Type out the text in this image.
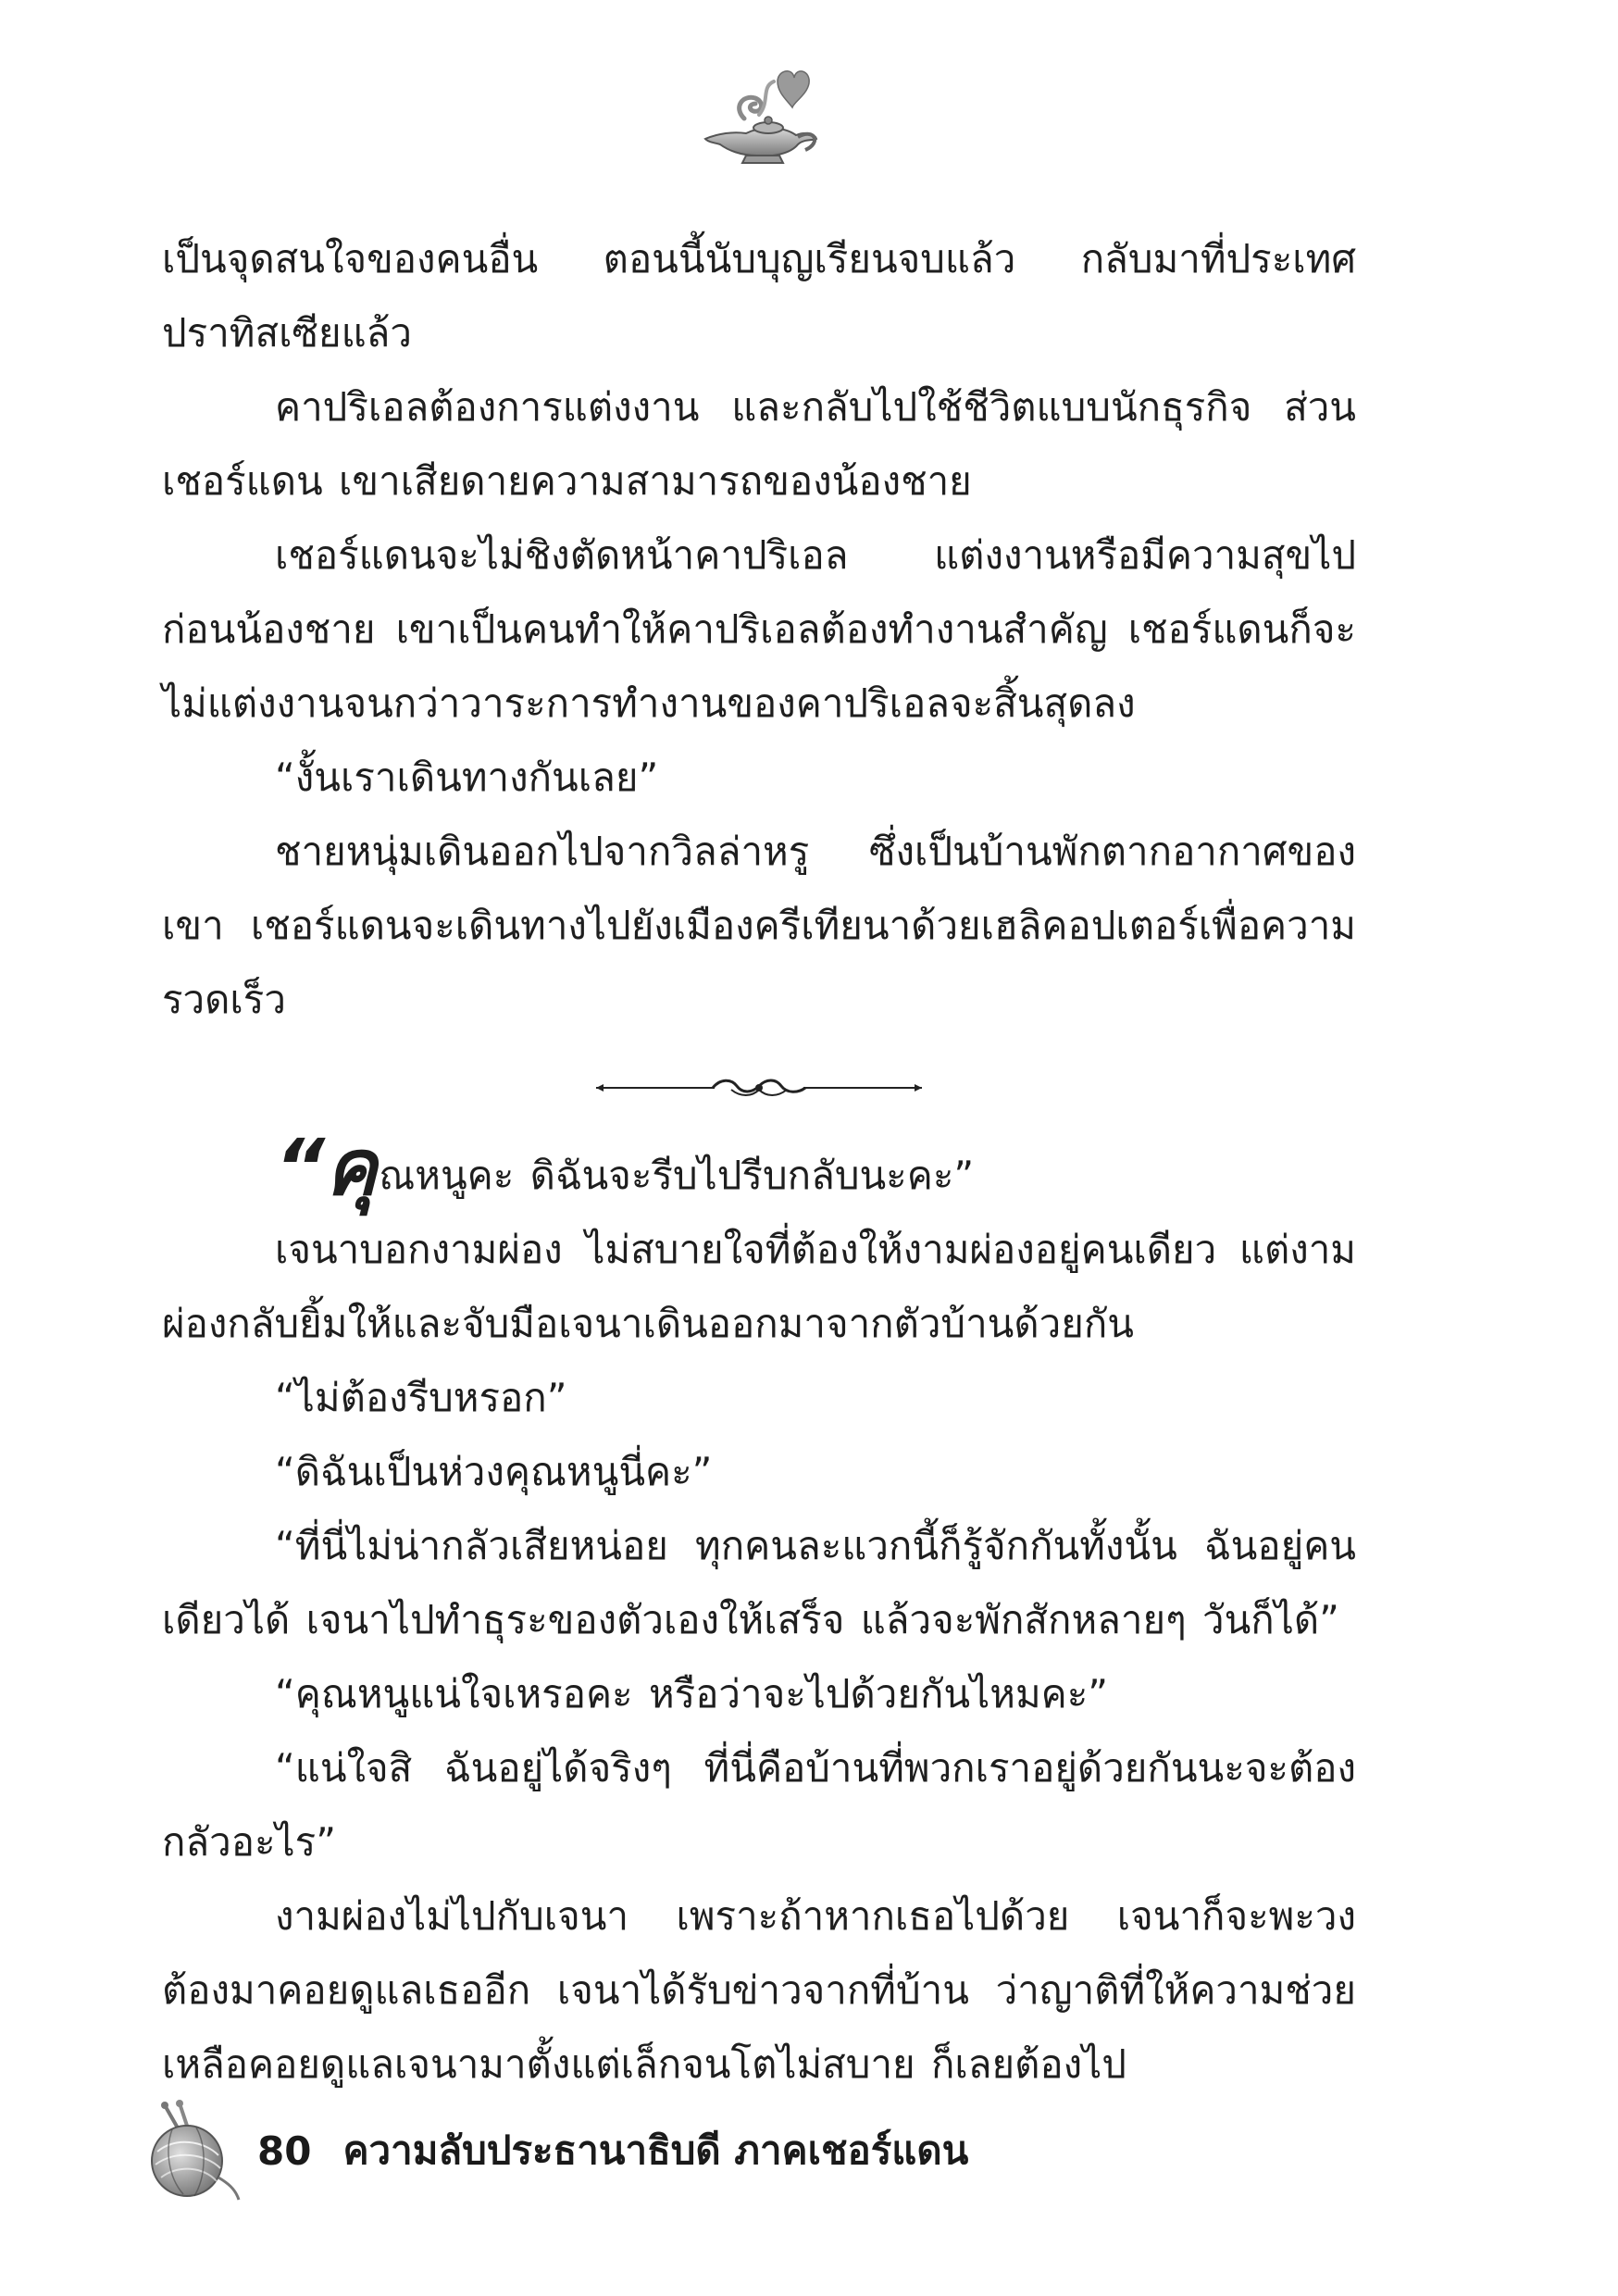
เป็นจุดสนใจของคนอื่น ตอนนี้นับบุญเรียนจบแล้ว กลับมาที่ประเทศปราทิสเซียแล้ว

คาปริเอลต้องการแต่งงาน และกลับไปใช้ชีวิตแบบนักธุรกิจ ส่วนเชอร์แดน เขาเสียดายความสามารถของน้องชาย

เชอร์แดนจะไม่ชิงตัดหน้าคาปริเอล แต่งงานหรือมีความสุขไปก่อนน้องชาย เขาเป็นคนทำให้คาปริเอลต้องทำงานสำคัญ เชอร์แดนก็จะไม่แต่งงานจนกว่าวาระการทำงานของคาปริเอลจะสิ้นสุดลง

“งั้นเราเดินทางกันเลย”

ชายหนุ่มเดินออกไปจากวิลล่าหรู ซึ่งเป็นบ้านพักตากอากาศของเขา เชอร์แดนจะเดินทางไปยังเมืองครีเทียนาด้วยเฮลิคอปเตอร์เพื่อความรวดเร็ว

“คุณหนูคะ ดิฉันจะรีบไปรีบกลับนะคะ”

เจนาบอกงามผ่อง ไม่สบายใจที่ต้องให้งามผ่องอยู่คนเดียว แต่งามผ่องกลับยิ้มให้และจับมือเจนาเดินออกมาจากตัวบ้านด้วยกัน

“ไม่ต้องรีบหรอก”

“ดิฉันเป็นห่วงคุณหนูนี่คะ”

“ที่นี่ไม่น่ากลัวเสียหน่อย ทุกคนละแวกนี้ก็รู้จักกันทั้งนั้น ฉันอยู่คนเดียวได้ เจนาไปทำธุระของตัวเองให้เสร็จ แล้วจะพักสักหลายๆ วันก็ได้”

“คุณหนูแน่ใจเหรอคะ หรือว่าจะไปด้วยกันไหมคะ”

“แน่ใจสิ ฉันอยู่ได้จริงๆ ที่นี่คือบ้านที่พวกเราอยู่ด้วยกันนะจะต้องกลัวอะไร”

งามผ่องไม่ไปกับเจนา เพราะถ้าหากเธอไปด้วย เจนาก็จะพะวงต้องมาคอยดูแลเธออีก เจนาได้รับข่าวจากที่บ้าน ว่าญาติที่ให้ความช่วยเหลือคอยดูแลเจนามาตั้งแต่เล็กจนโตไม่สบาย ก็เลยต้องไป

80 ความลับประธานาธิบดี ภาคเชอร์แดน
